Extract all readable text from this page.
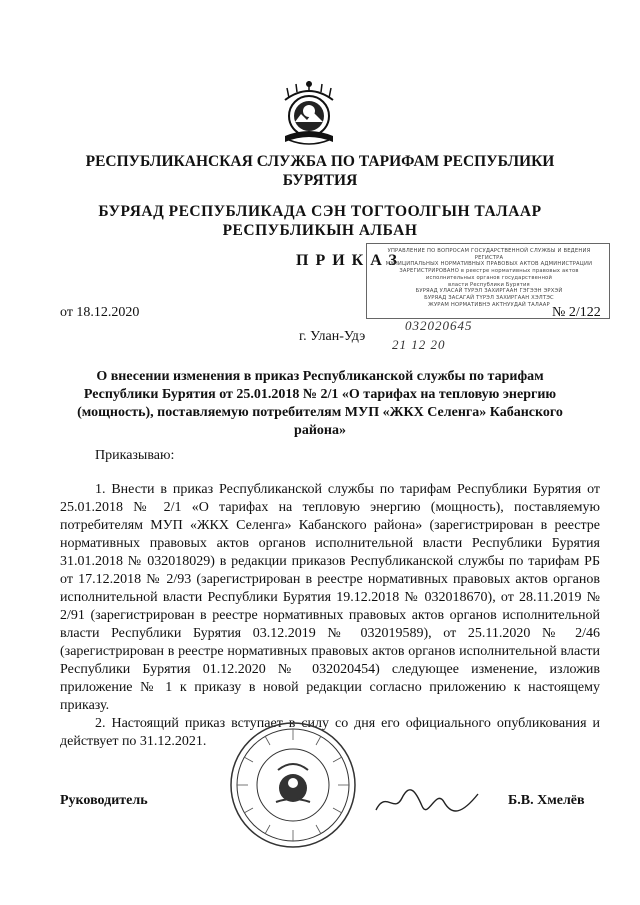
РЕСПУБЛИКАНСКАЯ СЛУЖБА ПО ТАРИФАМ РЕСПУБЛИКИ БУРЯТИЯ
БУРЯАД РЕСПУБЛИКАДА СЭН ТОГТООЛГЫН ТАЛААР РЕСПУБЛИКЫН АЛБАН
ПРИКАЗ
УПРАВЛЕНИЕ ПО ВОПРОСАМ ГОСУДАРСТВЕННОЙ СЛУЖБЫ И ВЕДЕНИЯ РЕГИСТРА
МУНИЦИПАЛЬНЫХ НОРМАТИВНЫХ ПРАВОВЫХ АКТОВ АДМИНИСТРАЦИИ
ЗАРЕГИСТРИРОВАНО в реестре нормативных правовых актов
исполнительных органов государственной
власти Республики Бурятия
БУРЯАД УЛАСАЙ ТУРЭЛ ЗАХИРГААН ГЭГЭЭН ЭРХЭЙ
БУРЯАД ЗАСАГАЙ ТҮРЭЛ ЗАХИРГААН ХЭЛТЭС
ЖУРАМ НОРМАТИВНЭ АКТНУУДАЙ ТАЛААР
от 18.12.2020	№ 2/122
г. Улан-Удэ
032020645
21 12 20
О внесении изменения в приказ Республиканской службы по тарифам Республики Бурятия от 25.01.2018 № 2/1 «О тарифах на тепловую энергию (мощность), поставляемую потребителям МУП «ЖКХ Селенга» Кабанского района»
Приказываю:

1. Внести в приказ Республиканской службы по тарифам Республики Бурятия от 25.01.2018 № 2/1 «О тарифах на тепловую энергию (мощность), поставляемую потребителям МУП «ЖКХ Селенга» Кабанского района» (зарегистрирован в реестре нормативных правовых актов органов исполнительной власти Республики Бурятия 31.01.2018 № 032018029) в редакции приказов Республиканской службы по тарифам РБ от 17.12.2018 № 2/93 (зарегистрирован в реестре нормативных правовых актов органов исполнительной власти Республики Бурятия 19.12.2018 № 032018670), от 28.11.2019 № 2/91 (зарегистрирован в реестре нормативных правовых актов органов исполнительной власти Республики Бурятия 03.12.2019 № 032019589), от 25.11.2020 № 2/46 (зарегистрирован в реестре нормативных правовых актов органов исполнительной власти Республики Бурятия 01.12.2020 № 032020454) следующее изменение, изложив приложение № 1 к приказу в новой редакции согласно приложению к настоящему приказу.

2. Настоящий приказ вступает в силу со дня его официального опубликования и действует по 31.12.2021.

Руководитель	Б.В. Хмелёв
